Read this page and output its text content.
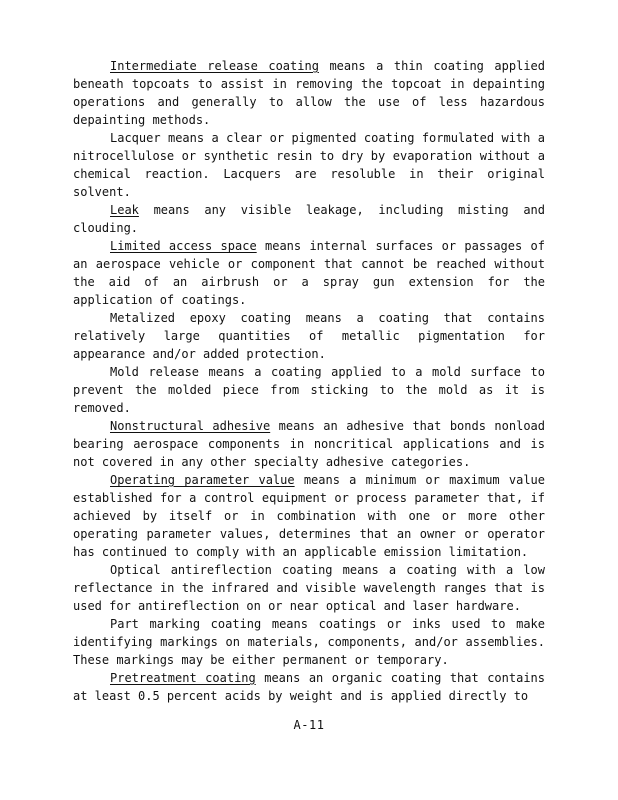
Intermediate release coating means a thin coating applied beneath topcoats to assist in removing the topcoat in depainting operations and generally to allow the use of less hazardous depainting methods.

Lacquer means a clear or pigmented coating formulated with a nitrocellulose or synthetic resin to dry by evaporation without a chemical reaction. Lacquers are resoluble in their original solvent.

Leak means any visible leakage, including misting and clouding.

Limited access space means internal surfaces or passages of an aerospace vehicle or component that cannot be reached without the aid of an airbrush or a spray gun extension for the application of coatings.

Metalized epoxy coating means a coating that contains relatively large quantities of metallic pigmentation for appearance and/or added protection.

Mold release means a coating applied to a mold surface to prevent the molded piece from sticking to the mold as it is removed.

Nonstructural adhesive means an adhesive that bonds nonload bearing aerospace components in noncritical applications and is not covered in any other specialty adhesive categories.

Operating parameter value means a minimum or maximum value established for a control equipment or process parameter that, if achieved by itself or in combination with one or more other operating parameter values, determines that an owner or operator has continued to comply with an applicable emission limitation.

Optical antireflection coating means a coating with a low reflectance in the infrared and visible wavelength ranges that is used for antireflection on or near optical and laser hardware.

Part marking coating means coatings or inks used to make identifying markings on materials, components, and/or assemblies. These markings may be either permanent or temporary.

Pretreatment coating means an organic coating that contains at least 0.5 percent acids by weight and is applied directly to

A-11
